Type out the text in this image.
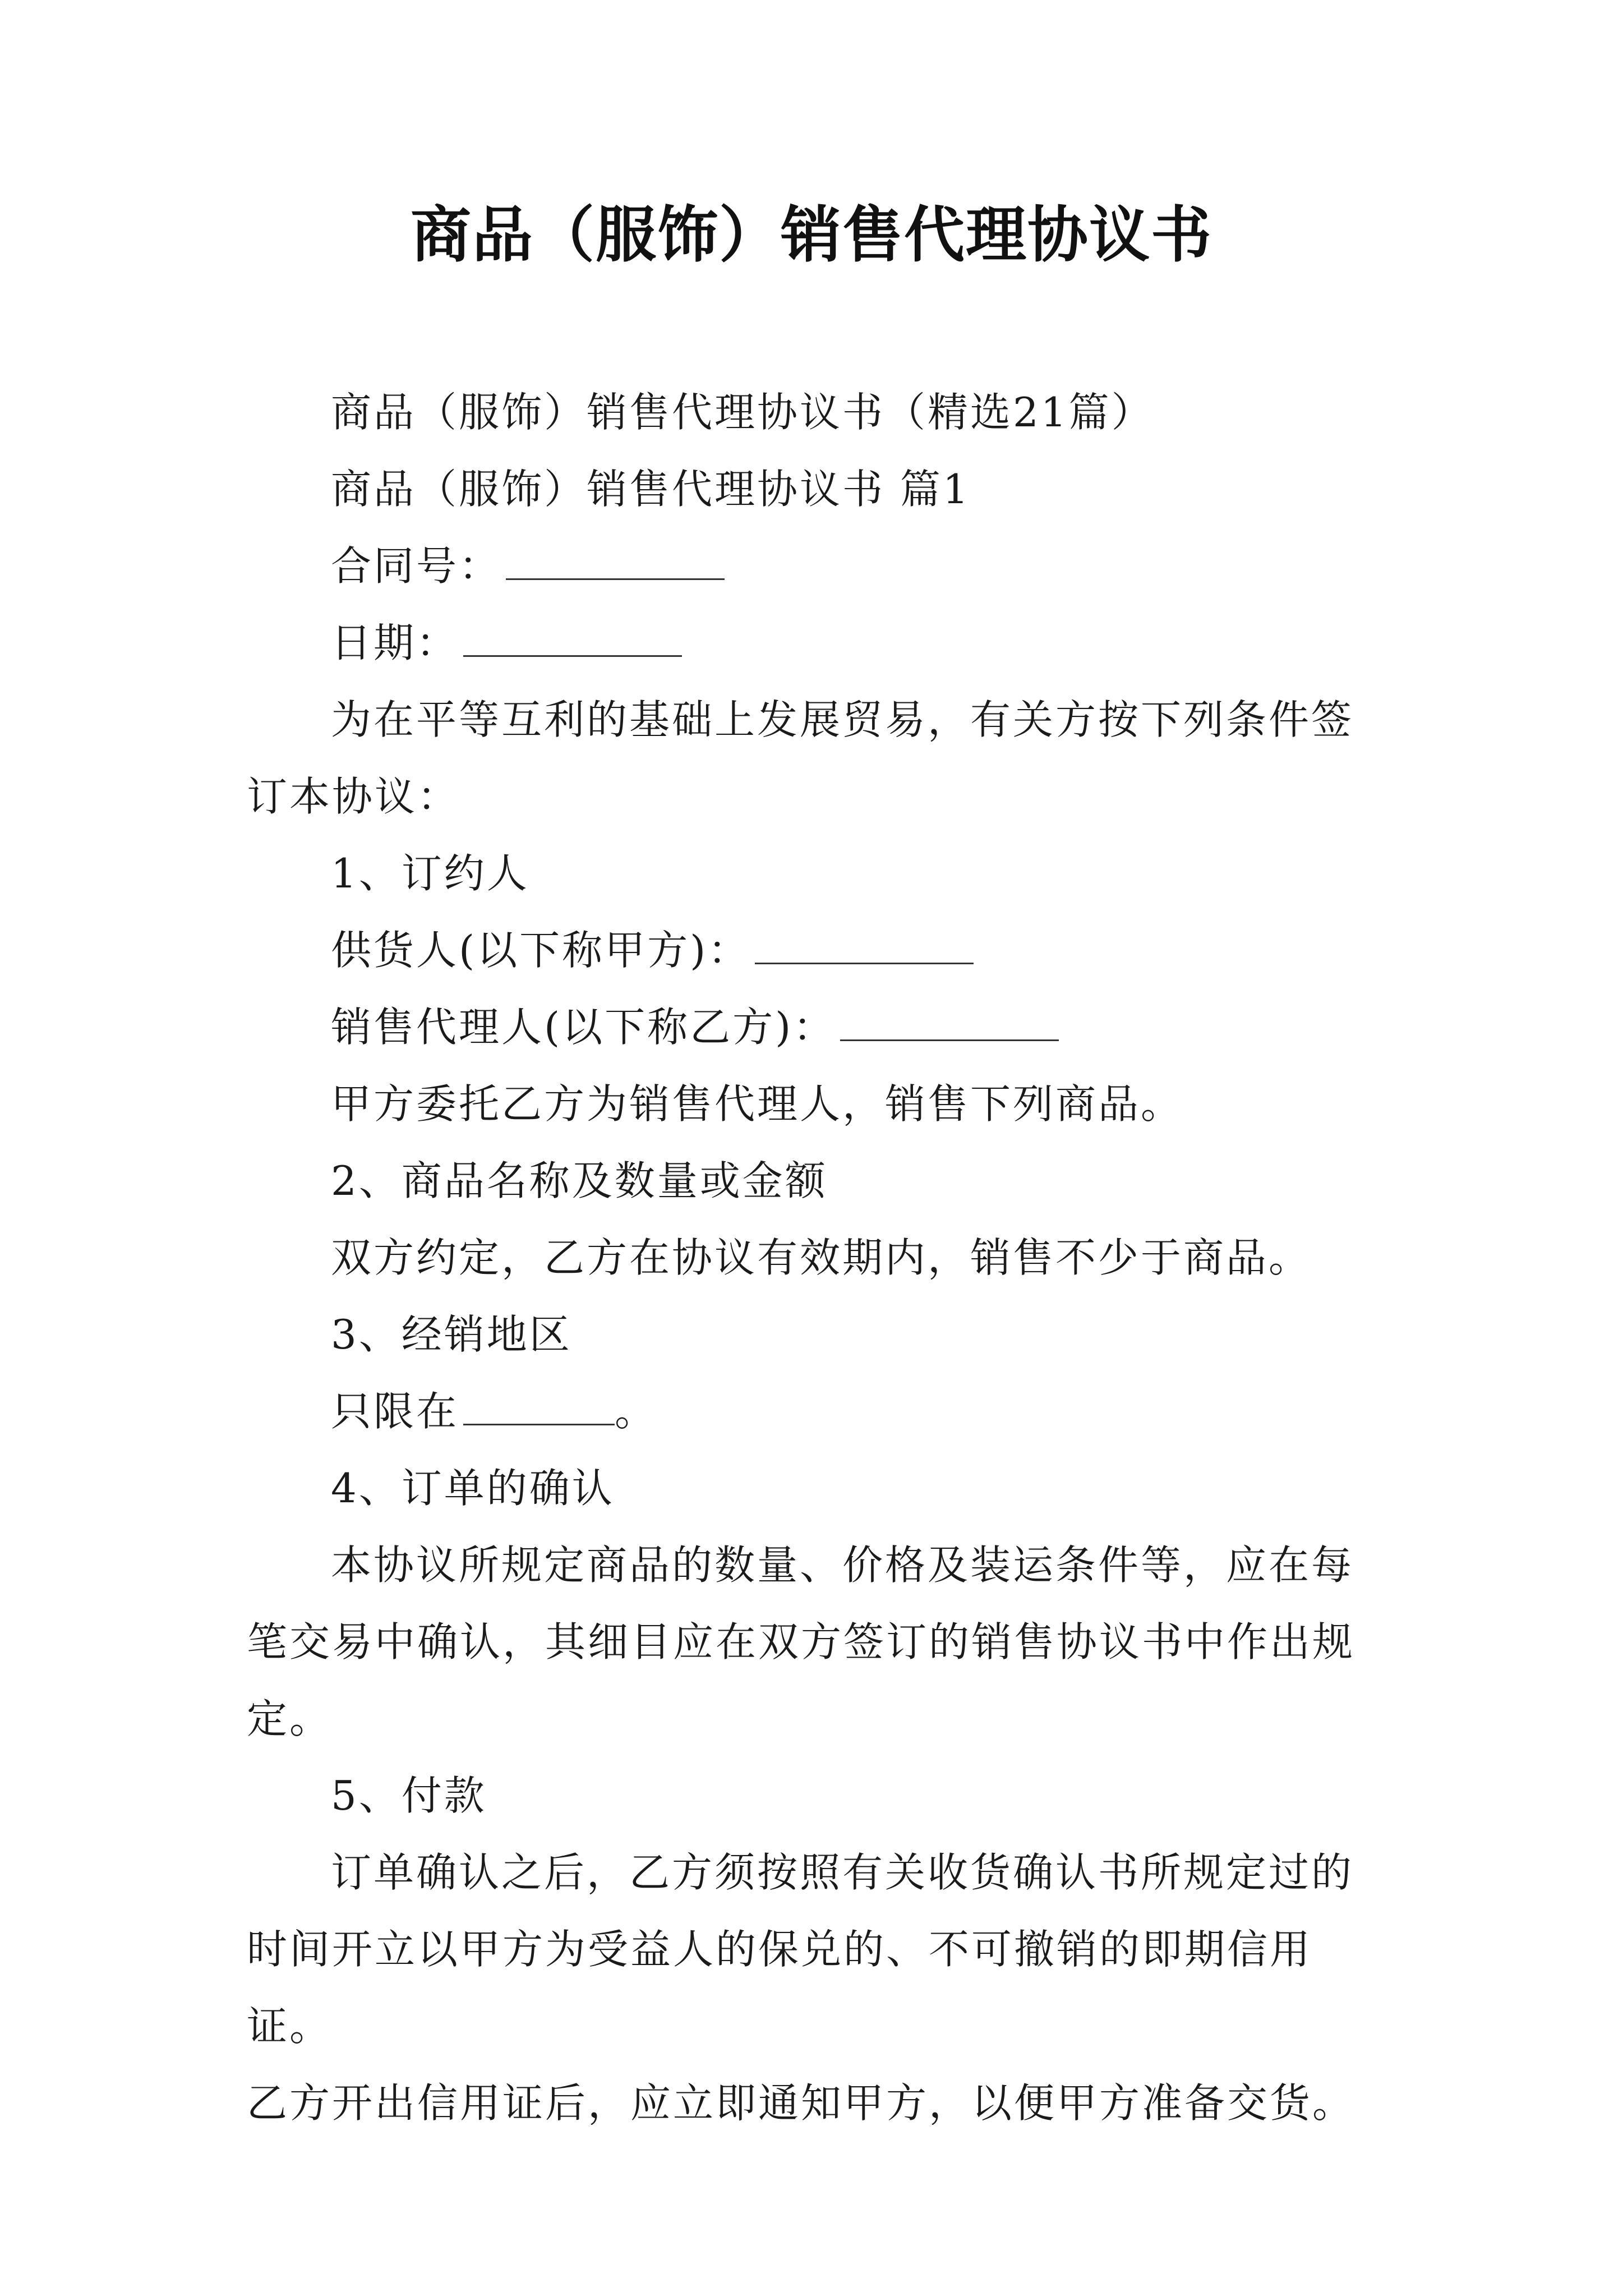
商品（服饰）销售代理协议书

商品（服饰）销售代理协议书（精选21篇）

商品（服饰）销售代理协议书 篇1

合同号：

日期：

为在平等互利的基础上发展贸易，有关方按下列条件签订本协议：

1、订约人

供货人(以下称甲方)：

销售代理人(以下称乙方)：

甲方委托乙方为销售代理人，销售下列商品。

2、商品名称及数量或金额

双方约定，乙方在协议有效期内，销售不少于商品。

3、经销地区

只限在	。

4、订单的确认

本协议所规定商品的数量、价格及装运条件等，应在每笔交易中确认，其细目应在双方签订的销售协议书中作出规定。

5、付款

订单确认之后，乙方须按照有关收货确认书所规定过的时间开立以甲方为受益人的保兑的、不可撤销的即期信用证。

乙方开出信用证后，应立即通知甲方，以便甲方准备交货。
